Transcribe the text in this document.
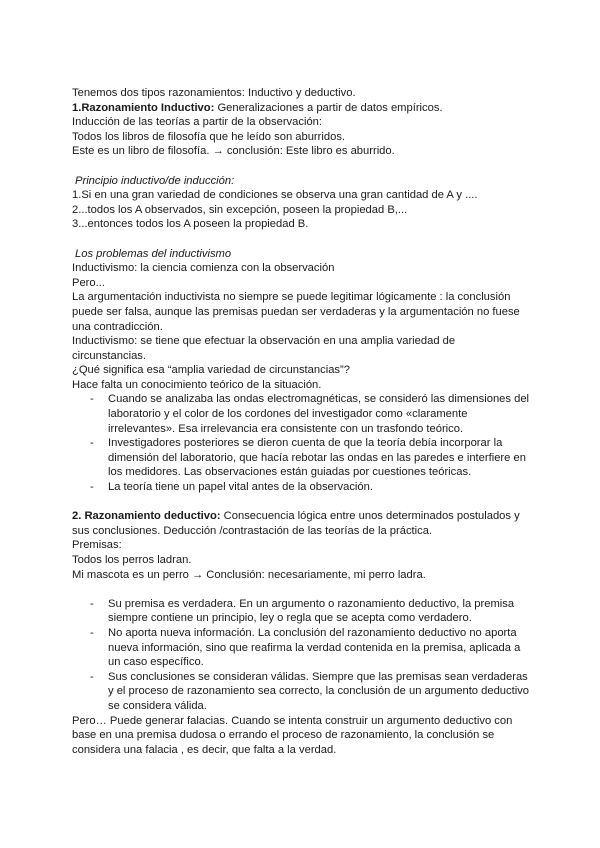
Tenemos dos tipos razonamientos: Inductivo y deductivo.

1.Razonamiento Inductivo: Generalizaciones a partir de datos empíricos.

Inducción de las teorías a partir de la observación:

Todos los libros de filosofía que he leído son aburridos.

Este es un libro de filosofía. → conclusión: Este libro es aburrido.

Principio inductivo/de inducción:

1.Si en una gran variedad de condiciones se observa una gran cantidad de A y ....

2...todos los A observados, sin excepción, poseen la propiedad B,...

3...entonces todos los A poseen la propiedad B.

Los problemas del inductivismo

Inductivismo: la ciencia comienza con la observación

Pero...

La argumentación inductivista no siempre se puede legitimar lógicamente : la conclusión puede ser falsa, aunque las premisas puedan ser verdaderas y la argumentación no fuese una contradicción.

Inductivismo: se tiene que efectuar la observación en una amplia variedad de circunstancias.

¿Qué significa esa “amplia variedad de circunstancias”?

Hace falta un conocimiento teórico de la situación.

- Cuando se analizaba las ondas electromagnéticas, se consideró las dimensiones del laboratorio y el color de los cordones del investigador como «claramente irrelevantes». Esa irrelevancia era consistente con un trasfondo teórico.
- Investigadores posteriores se dieron cuenta de que la teoría debía incorporar la dimensión del laboratorio, que hacía rebotar las ondas en las paredes e interfiere en los medidores. Las observaciones están guiadas por cuestiones teóricas.
- La teoría tiene un papel vital antes de la observación.

2. Razonamiento deductivo: Consecuencia lógica entre unos determinados postulados y sus conclusiones. Deducción /contrastación de las teorías de la práctica.

Premisas:

Todos los perros ladran.

Mi mascota es un perro → Conclusión: necesariamente, mi perro ladra.

- Su premisa es verdadera. En un argumento o razonamiento deductivo, la premisa siempre contiene un principio, ley o regla que se acepta como verdadero.
- No aporta nueva información. La conclusión del razonamiento deductivo no aporta nueva información, sino que reafirma la verdad contenida en la premisa, aplicada a un caso específico.
- Sus conclusiones se consideran válidas. Siempre que las premisas sean verdaderas y el proceso de razonamiento sea correcto, la conclusión de un argumento deductivo se considera válida.

Pero… Puede generar falacias. Cuando se intenta construir un argumento deductivo con base en una premisa dudosa o errando el proceso de razonamiento, la conclusión se considera una falacia , es decir, que falta a la verdad.
